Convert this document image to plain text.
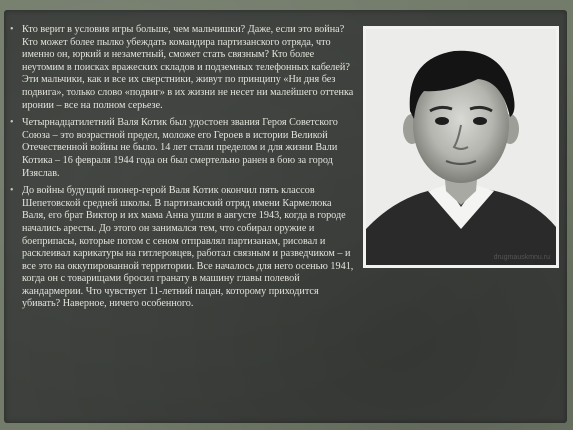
• Кто верит в условия игры больше, чем мальчишки? Даже, если это война? Кто может более пылко убеждать командира партизанского отряда, что именно он, юркий и незаметный, сможет стать связным? Кто более неутомим в поисках вражеских складов и подземных телефонных кабелей? Эти мальчики, как и все их сверстники, живут по принципу «Ни дня без подвига», только слово «подвиг» в их жизни не несет ни малейшего оттенка иронии – все на полном серьезе.
• Четырнадцатилетний Валя Котик был удостоен звания Героя Советского Союза – это возрастной предел, моложе его Героев в истории Великой Отечественной войны не было. 14 лет стали пределом и для жизни Вали Котика – 16 февраля 1944 года он был смертельно ранен в бою за город Изяслав.
• До войны будущий пионер-герой Валя Котик окончил пять классов Шепетовской средней школы. В партизанский отряд имени Кармелюка Валя, его брат Виктор и их мама Анна ушли в августе 1943, когда в городе начались аресты. До этого он занимался тем, что собирал оружие и боеприпасы, которые потом с сеном отправлял партизанам, рисовал и расклеивал карикатуры на гитлеровцев, работал связным и разведчиком – и все это на оккупированной территории. Все началось для него осенью 1941, когда он с товарищами бросил гранату в машину главы полевой жандармерии. Что чувствует 11-летний пацан, которому приходится убивать? Наверное, ничего особенного.
drugmauskmnu.ru
